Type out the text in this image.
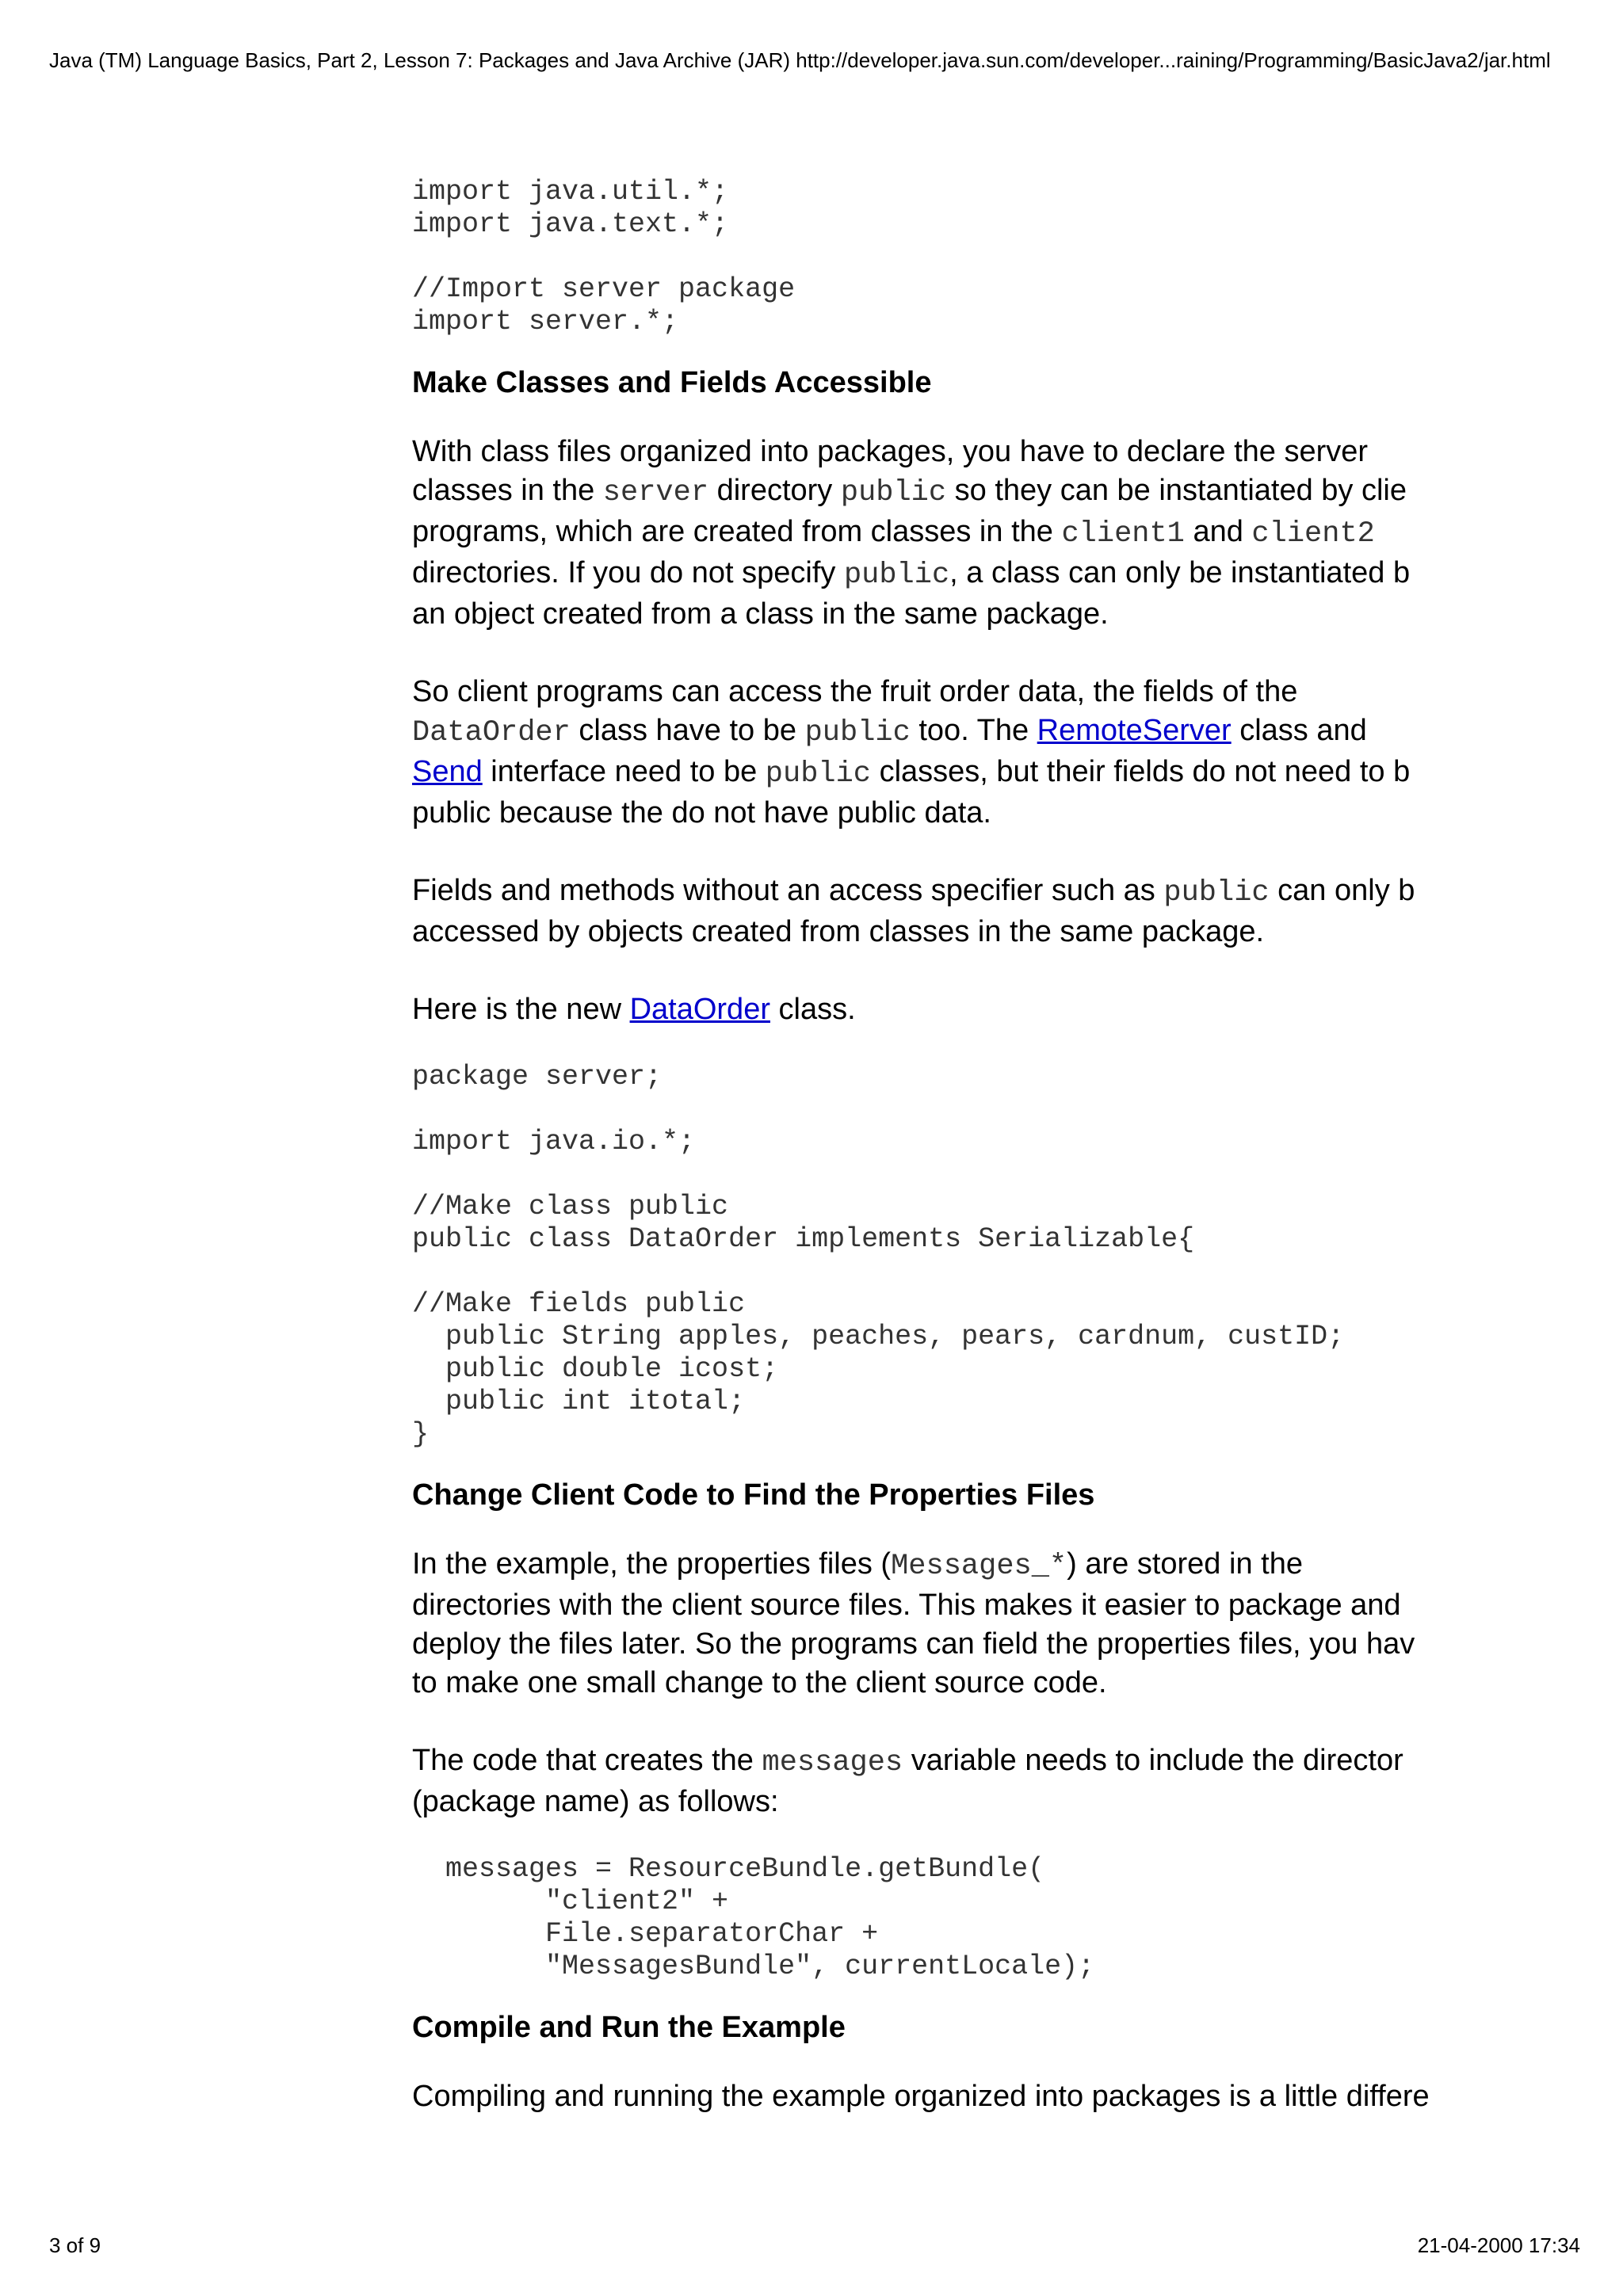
Java (TM) Language Basics, Part 2, Lesson 7: Packages and Java Archive (JAR) http://developer.java.sun.com/developer...raining/Programming/BasicJava2/jar.html
import java.util.*;
import java.text.*;

//Import server package
import server.*;
Make Classes and Fields Accessible

With class files organized into packages, you have to declare the server
classes in the server directory public so they can be instantiated by clie
programs, which are created from classes in the client1 and client2
directories. If you do not specify public, a class can only be instantiated b
an object created from a class in the same package.

So client programs can access the fruit order data, the fields of the
DataOrder class have to be public too. The RemoteServer class and
Send interface need to be public classes, but their fields do not need to b
public because the do not have public data.

Fields and methods without an access specifier such as public can only b
accessed by objects created from classes in the same package.

Here is the new DataOrder class.

package server;

import java.io.*;

//Make class public
public class DataOrder implements Serializable{

//Make fields public
public String apples, peaches, pears, cardnum, custID;
public double icost;
public int itotal;
}
Change Client Code to Find the Properties Files

In the example, the properties files (Messages_*) are stored in the
directories with the client source files. This makes it easier to package and
deploy the files later. So the programs can field the properties files, you hav
to make one small change to the client source code.

The code that creates the messages variable needs to include the director
(package name) as follows:

messages = ResourceBundle.getBundle(
"client2" +
File.separatorChar +
"MessagesBundle", currentLocale);
Compile and Run the Example

Compiling and running the example organized into packages is a little differe

3 of 9	21-04-2000 17:34
